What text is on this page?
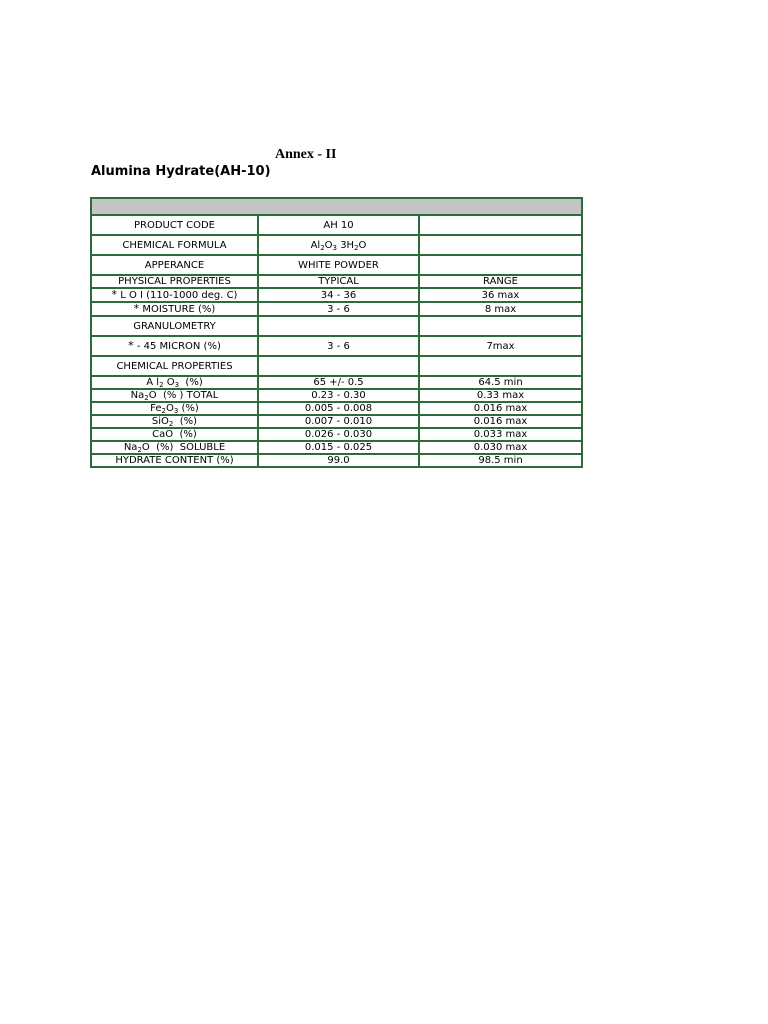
Annex - II
Alumina Hydrate(AH-10)

PRODUCT CODE	AH 10	
CHEMICAL FORMULA	$Al_2O_3$ $3H_2O$	
APPERANCE	WHITE POWDER	
PHYSICAL PROPERTIES	TYPICAL	RANGE
* L O I (110-1000 deg. C)	34 - 36	36 max
* MOISTURE (%)	3 - 6	8 max
GRANULOMETRY		
* - 45 MICRON (%)	3 - 6	7max
CHEMICAL PROPERTIES		
A $l_2$ $O_3$  (%)	65 +/- 0.5	64.5 min
$Na_2O$  (% ) TOTAL	0.23 - 0.30	0.33 max
$Fe_2O_3$ (%)	0.005 - 0.008	0.016 max
SiO$_2$  (%)	0.007 - 0.010	0.016 max
CaO  (%)	0.026 - 0.030	0.033 max
$Na_2O$  (%)  SOLUBLE	0.015 - 0.025	0.030 max
HYDRATE CONTENT (%)	99.0	98.5 min
